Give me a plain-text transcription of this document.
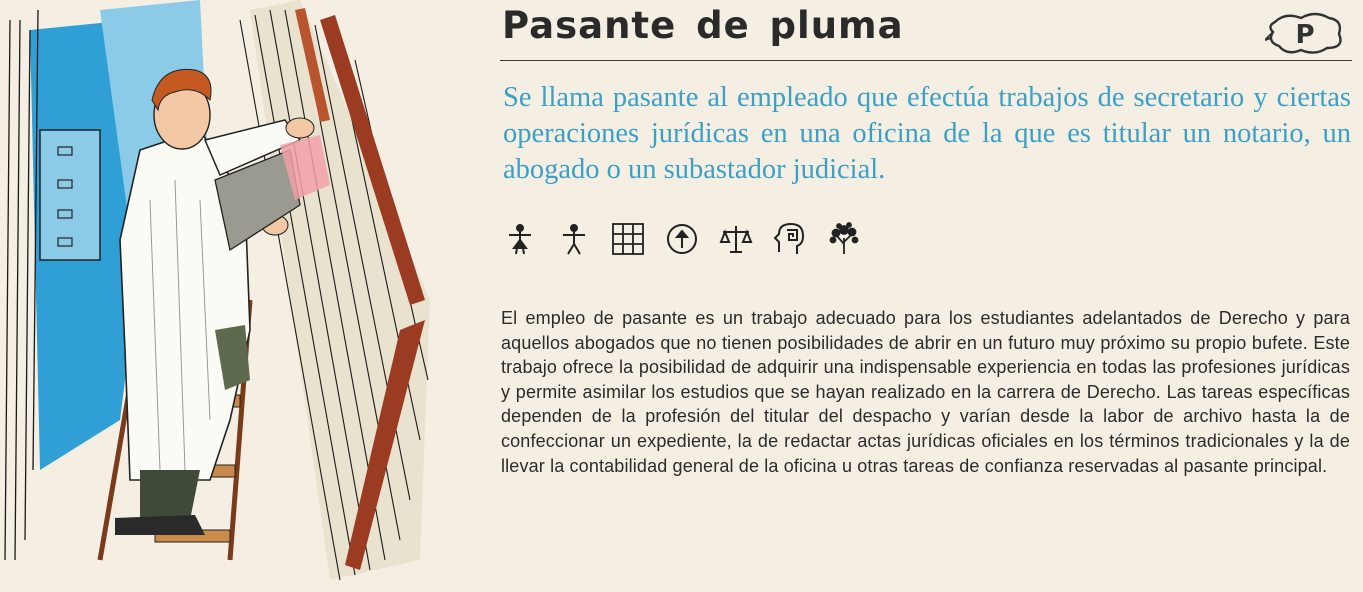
Pasante de pluma	P
Se llama pasante al empleado que efectúa trabajos de secretario y ciertas operaciones jurídicas en una oficina de la que es titular un notario, un abogado o un subastador judicial.
El empleo de pasante es un trabajo adecuado para los estudiantes adelantados de Derecho y para aquellos abogados que no tienen posibilidades de abrir en un futuro muy próximo su propio bufete. Este trabajo ofrece la posibilidad de adquirir una indispensable experiencia en todas las profesiones jurídicas y permite asimilar los estudios que se hayan realizado en la carrera de Derecho. Las tareas específicas dependen de la profesión del titular del despacho y varían desde la labor de archivo hasta la de confeccionar un expediente, la de redactar actas jurídicas oficiales en los términos tradicionales y la de llevar la contabilidad general de la oficina u otras tareas de confianza reservadas al pasante principal.
